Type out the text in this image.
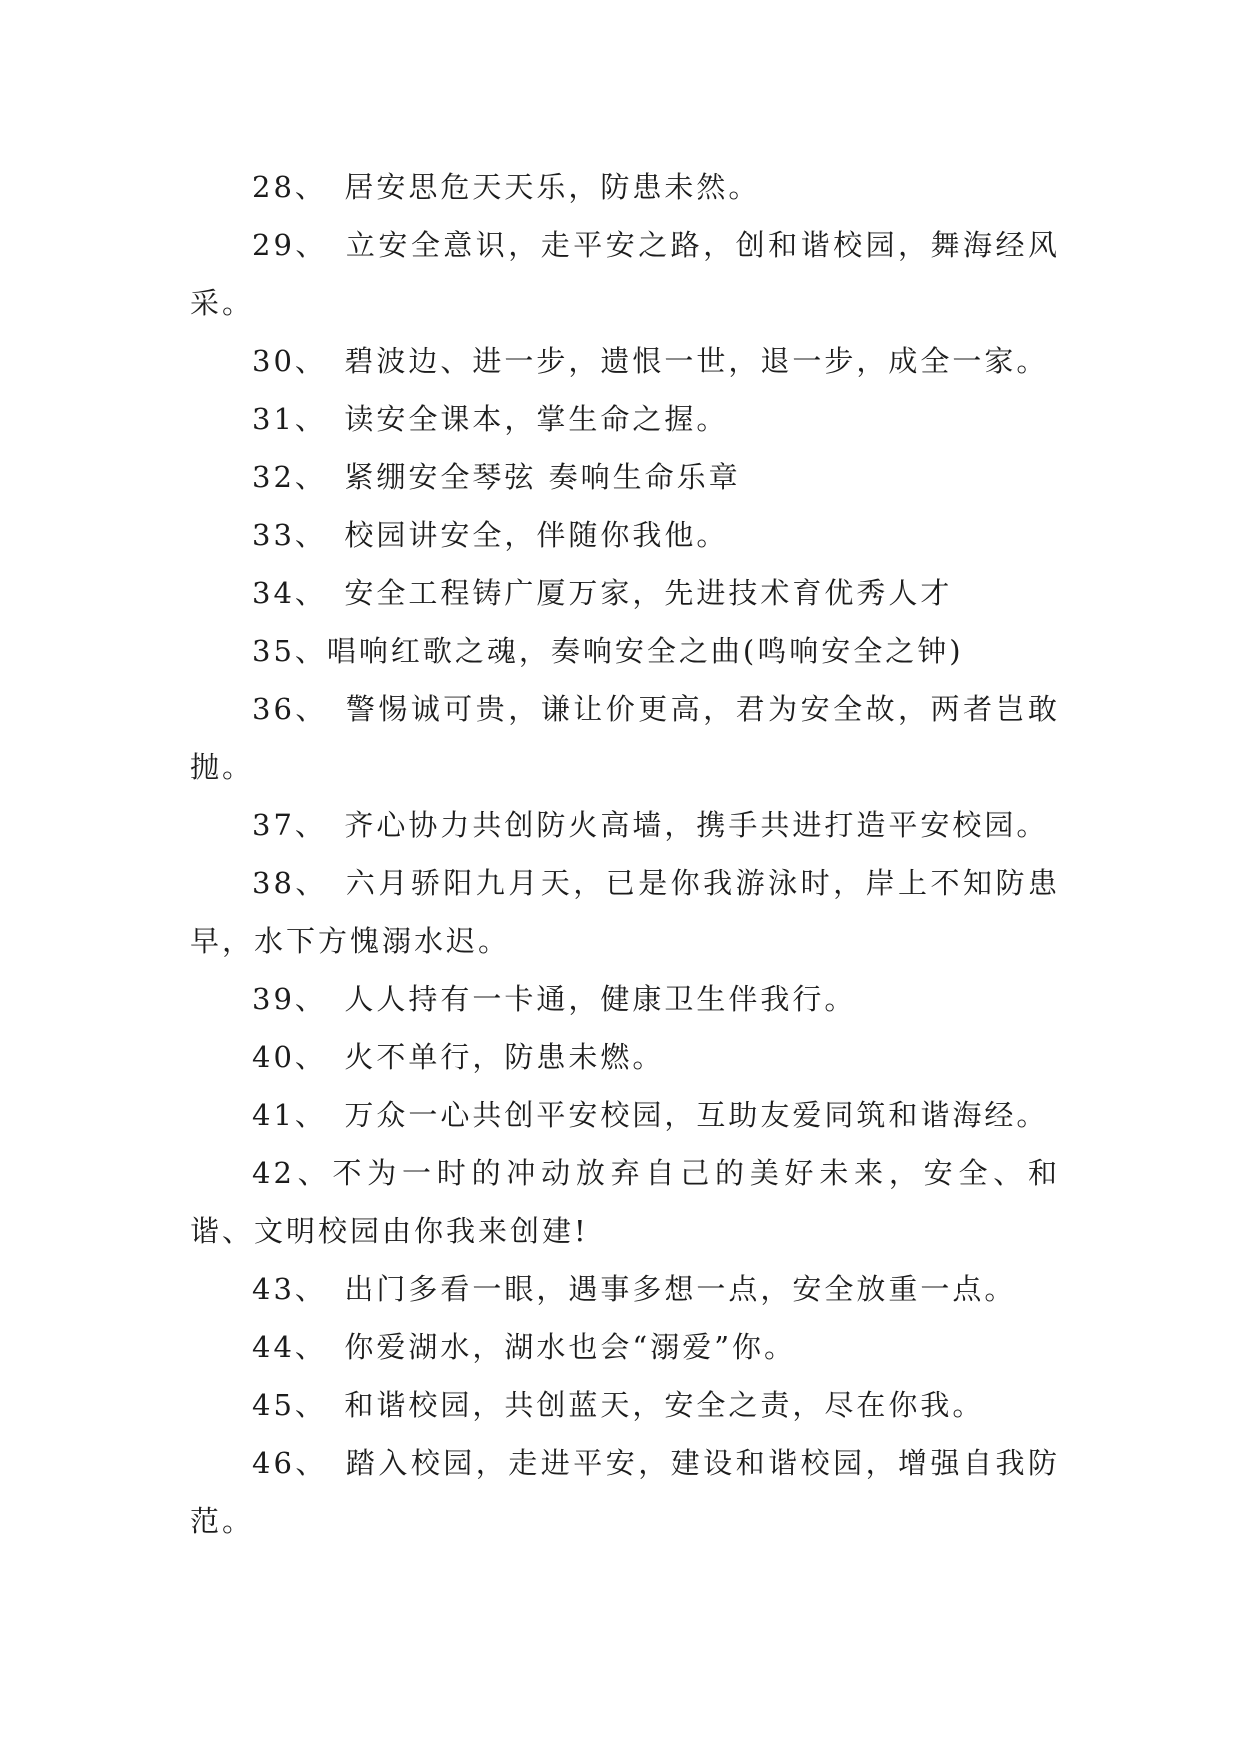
28、  居安思危天天乐，防患未然。

29、  立安全意识，走平安之路，创和谐校园，舞海经风采。

30、  碧波边、进一步，遗恨一世，退一步，成全一家。

31、  读安全课本，掌生命之握。

32、  紧绷安全琴弦 奏响生命乐章

33、  校园讲安全，伴随你我他。

34、  安全工程铸广厦万家，先进技术育优秀人才

35、唱响红歌之魂，奏响安全之曲(鸣响安全之钟)

36、  警惕诚可贵，谦让价更高，君为安全故，两者岂敢抛。

37、  齐心协力共创防火高墙，携手共进打造平安校园。

38、  六月骄阳九月天，已是你我游泳时，岸上不知防患早，水下方愧溺水迟。

39、  人人持有一卡通，健康卫生伴我行。

40、  火不单行，防患未燃。

41、  万众一心共创平安校园，互助友爱同筑和谐海经。

42、不为一时的冲动放弃自己的美好未来，安全、和谐、文明校园由你我来创建!

43、  出门多看一眼，遇事多想一点，安全放重一点。

44、  你爱湖水，湖水也会“溺爱”你。

45、  和谐校园，共创蓝天，安全之责，尽在你我。

46、  踏入校园，走进平安，建设和谐校园，增强自我防范。
